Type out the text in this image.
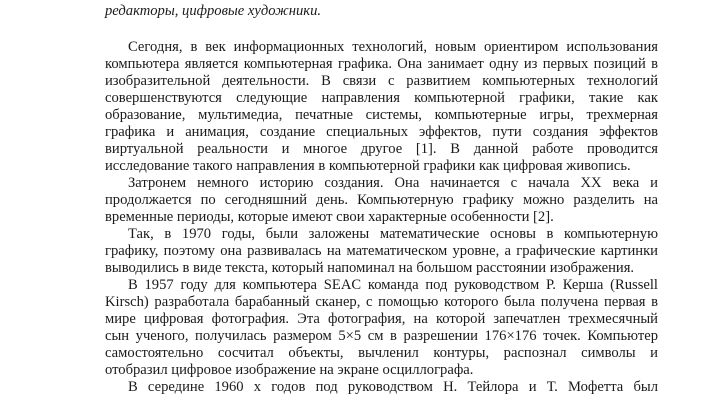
редакторы, цифровые художники.
Сегодня, в век информационных технологий, новым ориентиром использования
компьютера является компьютерная графика. Она занимает одну из первых позиций в
изобразительной деятельности. В связи с развитием компьютерных технологий
совершенствуются следующие направления компьютерной графики, такие как
образование, мультимедиа, печатные системы, компьютерные игры, трехмерная
графика и анимация, создание специальных эффектов, пути создания эффектов
виртуальной реальности и многое другое [1]. В данной работе проводится
исследование такого направления в компьютерной графики как цифровая живопись.
Затронем немного историю создания. Она начинается с начала XX века и
продолжается по сегодняшний день. Компьютерную графику можно разделить на
временные периоды, которые имеют свои характерные особенности [2].
Так, в 1970 годы, были заложены математические основы в компьютерную
графику, поэтому она развивалась на математическом уровне, а графические картинки
выводились в виде текста, который напоминал на большом расстоянии изображения.
В 1957 году для компьютера SEAC команда под руководством Р. Керша (Russell
Kirsch) разработала барабанный сканер, с помощью которого была получена первая в
мире цифровая фотография. Эта фотография, на которой запечатлен трехмесячный
сын ученого, получилась размером 5×5 см в разрешении 176×176 точек. Компьютер
самостоятельно сосчитал объекты, вычленил контуры, распознал символы и
отобразил цифровое изображение на экране осциллографа.
В середине 1960 х годов под руководством Н. Тейлора и Т. Мофетта был
